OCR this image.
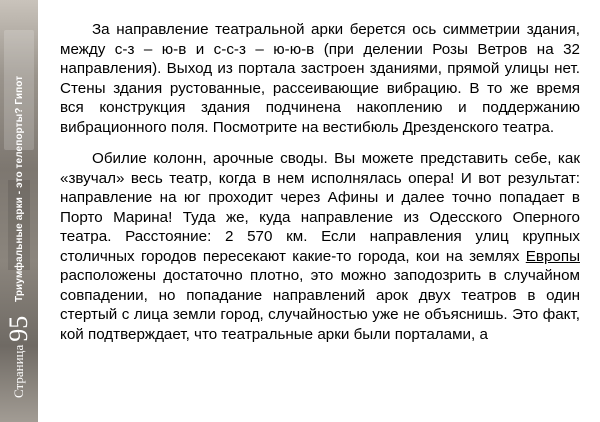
Страница
95
Триумфальные арки - это телепорты? Гипот

За направление театральной арки берется ось симметрии здания, между с-з – ю-в и с-с-з – ю-ю-в (при делении Розы Ветров на 32 направления). Выход из портала застроен зданиями, прямой улицы нет. Стены здания рустованные, рассеивающие вибрацию. В то же время вся конструкция здания подчинена накоплению и поддержанию вибрационного поля. Посмотрите на вестибюль Дрезденского театра.

Обилие колонн, арочные своды. Вы можете представить себе, как «звучал» весь театр, когда в нем исполнялась опера! И вот результат: направление на юг проходит через Афины и далее точно попадает в Порто Марина! Туда же, куда направление из Одесского Оперного театра. Расстояние: 2 570 км. Если направления улиц крупных столичных городов пересекают какие-то города, кои на землях Европы расположены достаточно плотно, это можно заподозрить в случайном совпадении, но попадание направлений арок двух театров в один стертый с лица земли город, случайностью уже не объяснишь. Это факт, кой подтверждает, что театральные арки были порталами, а
